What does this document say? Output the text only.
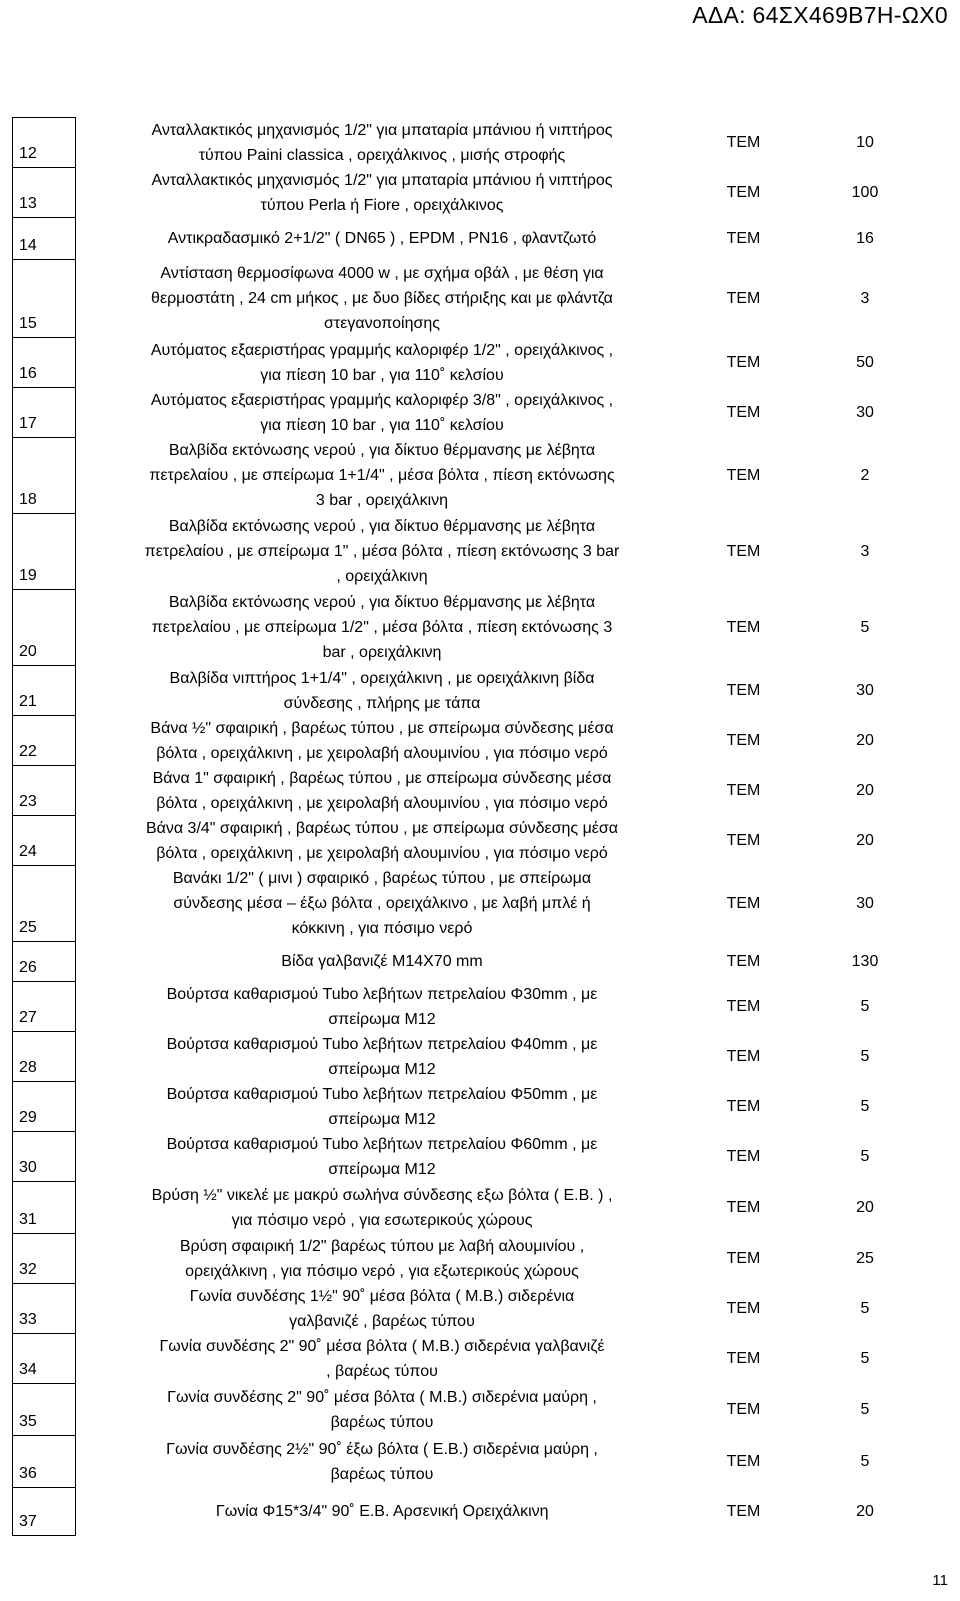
ΑΔΑ: 64ΣΧ469Β7Η-ΩΧ0
12	Ανταλλακτικός μηχανισμός 1/2" για μπαταρία μπάνιου ή νιπτήρος
τύπου Paini classica , ορειχάλκινος , μισής στροφής	ΤΕΜ	10
13	Ανταλλακτικός μηχανισμός 1/2" για μπαταρία μπάνιου ή νιπτήρος
τύπου Perla ή Fiore , ορειχάλκινος	ΤΕΜ	100
14	Αντικραδασμικό 2+1/2" ( DN65 ) , EPDM , PN16 , φλαντζωτό	ΤΕΜ	16
15	Αντίσταση θερμοσίφωνα 4000 w , με σχήμα οβάλ , με θέση για
θερμοστάτη , 24 cm μήκος , με δυο βίδες στήριξης και με φλάντζα
στεγανοποίησης	ΤΕΜ	3
16	Αυτόματος εξαεριστήρας γραμμής καλοριφέρ 1/2" , ορειχάλκινος ,
για πίεση 10 bar , για 110˚ κελσίου	ΤΕΜ	50
17	Αυτόματος εξαεριστήρας γραμμής καλοριφέρ 3/8" , ορειχάλκινος ,
για πίεση 10 bar , για 110˚ κελσίου	ΤΕΜ	30
18	Βαλβίδα εκτόνωσης νερού , για δίκτυο θέρμανσης με λέβητα
πετρελαίου , με σπείρωμα 1+1/4" , μέσα βόλτα , πίεση εκτόνωσης
3 bar , ορειχάλκινη	ΤΕΜ	2
19	Βαλβίδα εκτόνωσης νερού , για δίκτυο θέρμανσης με λέβητα
πετρελαίου , με σπείρωμα 1" , μέσα βόλτα , πίεση εκτόνωσης 3 bar
, ορειχάλκινη	ΤΕΜ	3
20	Βαλβίδα εκτόνωσης νερού , για δίκτυο θέρμανσης με λέβητα
πετρελαίου , με σπείρωμα 1/2" , μέσα βόλτα , πίεση εκτόνωσης 3
bar , ορειχάλκινη	ΤΕΜ	5
21	Βαλβίδα νιπτήρος 1+1/4" , ορειχάλκινη , με ορειχάλκινη βίδα
σύνδεσης , πλήρης με τάπα	ΤΕΜ	30
22	Βάνα ½" σφαιρική , βαρέως τύπου , με σπείρωμα σύνδεσης μέσα
βόλτα , ορειχάλκινη , με χειρολαβή αλουμινίου , για πόσιμο νερό	ΤΕΜ	20
23	Βάνα 1" σφαιρική , βαρέως τύπου , με σπείρωμα σύνδεσης μέσα
βόλτα , ορειχάλκινη , με χειρολαβή αλουμινίου , για πόσιμο νερό	ΤΕΜ	20
24	Βάνα 3/4" σφαιρική , βαρέως τύπου , με σπείρωμα σύνδεσης μέσα
βόλτα , ορειχάλκινη , με χειρολαβή αλουμινίου , για πόσιμο νερό	ΤΕΜ	20
25	Βανάκι 1/2" ( μινι ) σφαιρικό , βαρέως τύπου , με σπείρωμα
σύνδεσης μέσα – έξω βόλτα , ορειχάλκινο , με λαβή μπλέ ή
κόκκινη , για πόσιμο νερό	ΤΕΜ	30
26	Βίδα γαλβανιζέ Μ14Χ70 mm	ΤΕΜ	130
27	Βούρτσα καθαρισμού Tubo λεβήτων πετρελαίου Φ30mm , με
σπείρωμα Μ12	ΤΕΜ	5
28	Βούρτσα καθαρισμού Tubo λεβήτων πετρελαίου Φ40mm , με
σπείρωμα Μ12	ΤΕΜ	5
29	Βούρτσα καθαρισμού Tubo λεβήτων πετρελαίου Φ50mm , με
σπείρωμα Μ12	ΤΕΜ	5
30	Βούρτσα καθαρισμού Tubo λεβήτων πετρελαίου Φ60mm , με
σπείρωμα Μ12	ΤΕΜ	5
31	Βρύση ½" νικελέ με μακρύ σωλήνα σύνδεσης εξω βόλτα ( Ε.Β. ) ,
για πόσιμο νερό , για εσωτερικούς χώρους	ΤΕΜ	20
32	Βρύση σφαιρική 1/2" βαρέως τύπου με λαβή αλουμινίου ,
ορειχάλκινη , για πόσιμο νερό , για εξωτερικούς χώρους	ΤΕΜ	25
33	Γωνία συνδέσης 1½" 90˚ μέσα βόλτα ( Μ.Β.) σιδερένια
γαλβανιζέ , βαρέως τύπου	ΤΕΜ	5
34	Γωνία συνδέσης 2" 90˚ μέσα βόλτα ( Μ.Β.) σιδερένια γαλβανιζέ
, βαρέως τύπου	ΤΕΜ	5
35	Γωνία συνδέσης 2" 90˚ μέσα βόλτα ( Μ.Β.) σιδερένια μαύρη ,
βαρέως τύπου	ΤΕΜ	5
36	Γωνία συνδέσης 2½" 90˚ έξω βόλτα ( Ε.Β.) σιδερένια μαύρη ,
βαρέως τύπου	ΤΕΜ	5
37	Γωνία Φ15*3/4" 90˚ Ε.Β. Αρσενική Ορειχάλκινη	ΤΕΜ	20
11
